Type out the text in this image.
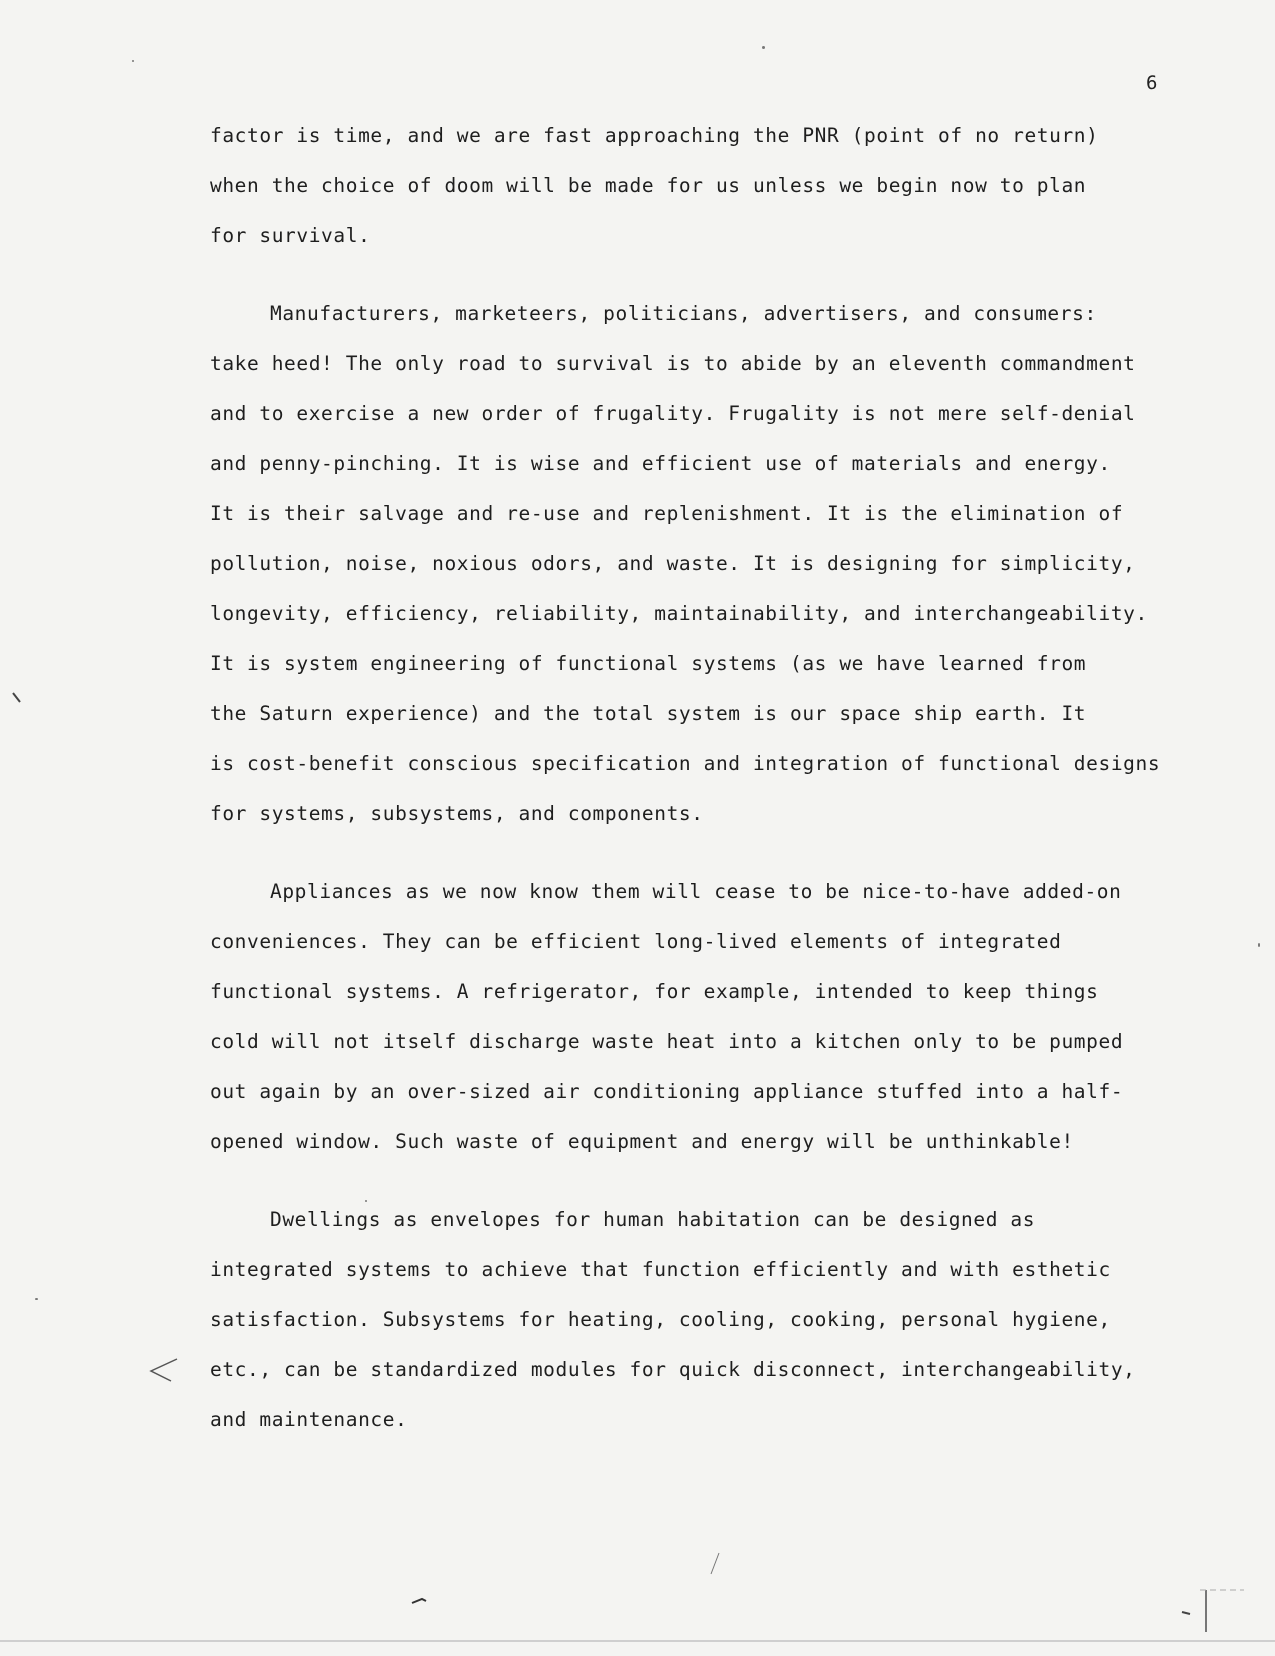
6
factor is time, and we are fast approaching the PNR (point of no return)
when the choice of doom will be made for us unless we begin now to plan
for survival.
Manufacturers, marketeers, politicians, advertisers, and consumers:
take heed! The only road to survival is to abide by an eleventh commandment
and to exercise a new order of frugality. Frugality is not mere self-denial
and penny-pinching. It is wise and efficient use of materials and energy.
It is their salvage and re-use and replenishment. It is the elimination of
pollution, noise, noxious odors, and waste. It is designing for simplicity,
longevity, efficiency, reliability, maintainability, and interchangeability.
It is system engineering of functional systems (as we have learned from
the Saturn experience) and the total system is our space ship earth. It
is cost-benefit conscious specification and integration of functional designs
for systems, subsystems, and components.
Appliances as we now know them will cease to be nice-to-have added-on
conveniences. They can be efficient long-lived elements of integrated
functional systems. A refrigerator, for example, intended to keep things
cold will not itself discharge waste heat into a kitchen only to be pumped
out again by an over-sized air conditioning appliance stuffed into a half-
opened window. Such waste of equipment and energy will be unthinkable!
Dwellings as envelopes for human habitation can be designed as
integrated systems to achieve that function efficiently and with esthetic
satisfaction. Subsystems for heating, cooling, cooking, personal hygiene,
etc., can be standardized modules for quick disconnect, interchangeability,
and maintenance.
